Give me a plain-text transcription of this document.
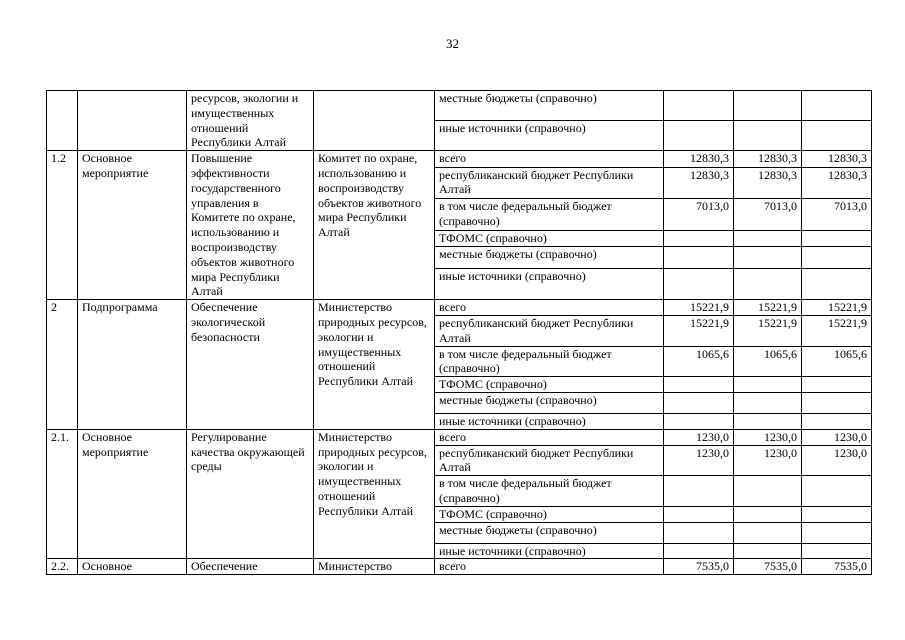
32
		ресурсов, экологии и имущественных отношений Республики Алтай		местные бюджеты (справочно)			
				иные источники (справочно)			
1.2	Основное мероприятие	Повышение эффективности государственного управления в Комитете по охране, использованию и воспроизводству объектов животного мира Республики Алтай	Комитет по охране, использованию и воспроизводству объектов животного мира Республики Алтай	всего	12830,3	12830,3	12830,3
				республиканский бюджет Республики Алтай	12830,3	12830,3	12830,3
				в том числе федеральный бюджет (справочно)	7013,0	7013,0	7013,0
				ТФОМС (справочно)			
				местные бюджеты (справочно)			
				иные источники (справочно)			
2	Подпрограмма	Обеспечение экологической безопасности	Министерство природных ресурсов, экологии и имущественных отношений Республики Алтай	всего	15221,9	15221,9	15221,9
				республиканский бюджет Республики Алтай	15221,9	15221,9	15221,9
				в том числе федеральный бюджет (справочно)	1065,6	1065,6	1065,6
				ТФОМС (справочно)			
				местные бюджеты (справочно)			
				иные источники (справочно)			
2.1.	Основное мероприятие	Регулирование качества окружающей среды	Министерство природных ресурсов, экологии и имущественных отношений Республики Алтай	всего	1230,0	1230,0	1230,0
				республиканский бюджет Республики Алтай	1230,0	1230,0	1230,0
				в том числе федеральный бюджет (справочно)			
				ТФОМС (справочно)			
				местные бюджеты (справочно)			
				иные источники (справочно)			
2.2.	Основное	Обеспечение	Министерство	всего	7535,0	7535,0	7535,0
